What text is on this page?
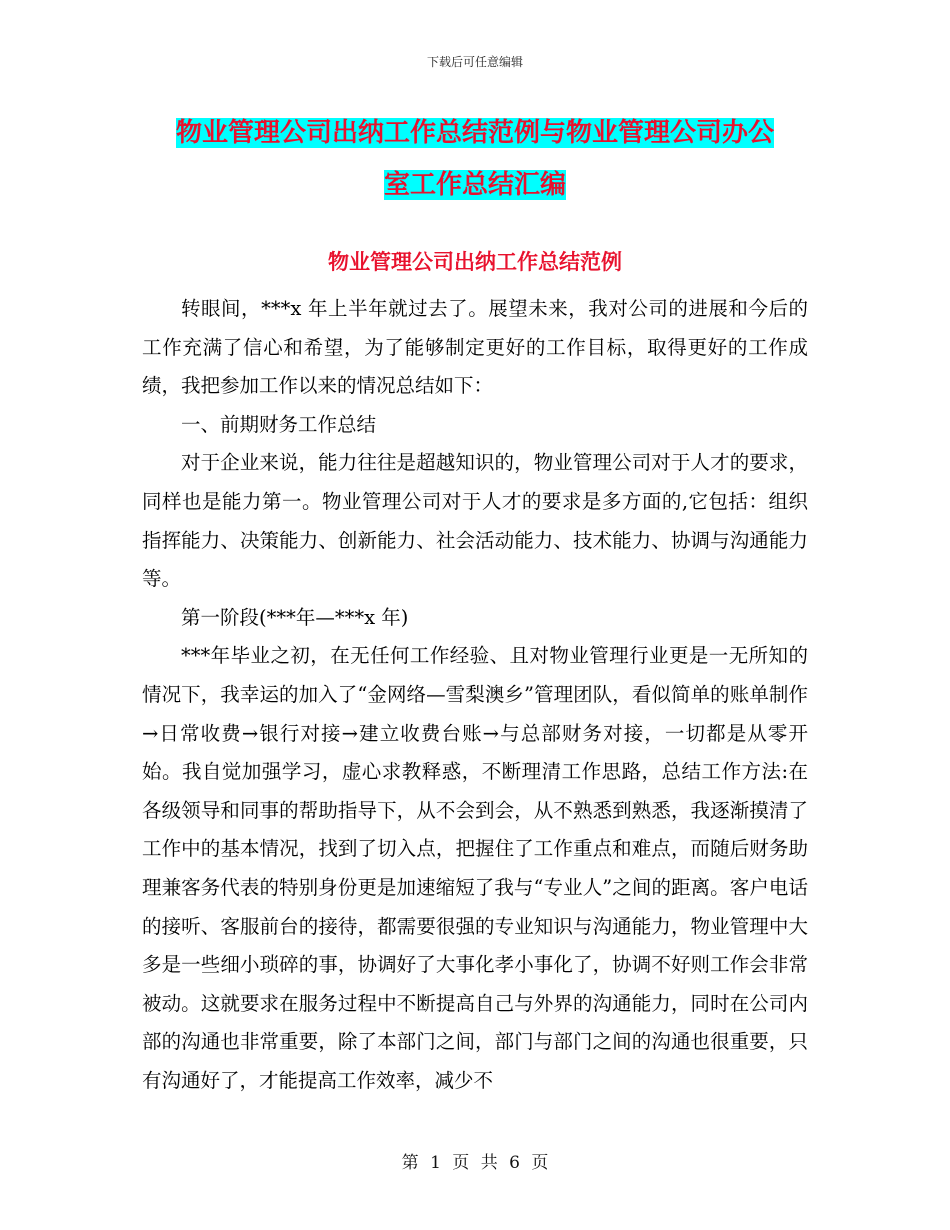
下载后可任意编辑
物业管理公司出纳工作总结范例与物业管理公司办公
室工作总结汇编
物业管理公司出纳工作总结范例

转眼间，***x 年上半年就过去了。展望未来，我对公司的进展和今后的工作充满了信心和希望，为了能够制定更好的工作目标，取得更好的工作成绩，我把参加工作以来的情况总结如下：

一、前期财务工作总结

对于企业来说，能力往往是超越知识的，物业管理公司对于人才的要求，同样也是能力第一。物业管理公司对于人才的要求是多方面的,它包括：组织指挥能力、决策能力、创新能力、社会活动能力、技术能力、协调与沟通能力等。

第一阶段(***年—***x 年)

***年毕业之初，在无任何工作经验、且对物业管理行业更是一无所知的情况下，我幸运的加入了“金网络—雪梨澳乡”管理团队，看似简单的账单制作→日常收费→银行对接→建立收费台账→与总部财务对接，一切都是从零开始。我自觉加强学习，虚心求教释惑，不断理清工作思路，总结工作方法:在各级领导和同事的帮助指导下，从不会到会，从不熟悉到熟悉，我逐渐摸清了工作中的基本情况，找到了切入点，把握住了工作重点和难点，而随后财务助理兼客务代表的特别身份更是加速缩短了我与“专业人”之间的距离。客户电话的接听、客服前台的接待，都需要很强的专业知识与沟通能力，物业管理中大多是一些细小琐碎的事，协调好了大事化孝小事化了，协调不好则工作会非常被动。这就要求在服务过程中不断提高自己与外界的沟通能力，同时在公司内部的沟通也非常重要，除了本部门之间，部门与部门之间的沟通也很重要，只有沟通好了，才能提高工作效率，减少不

第 1 页 共 6 页
